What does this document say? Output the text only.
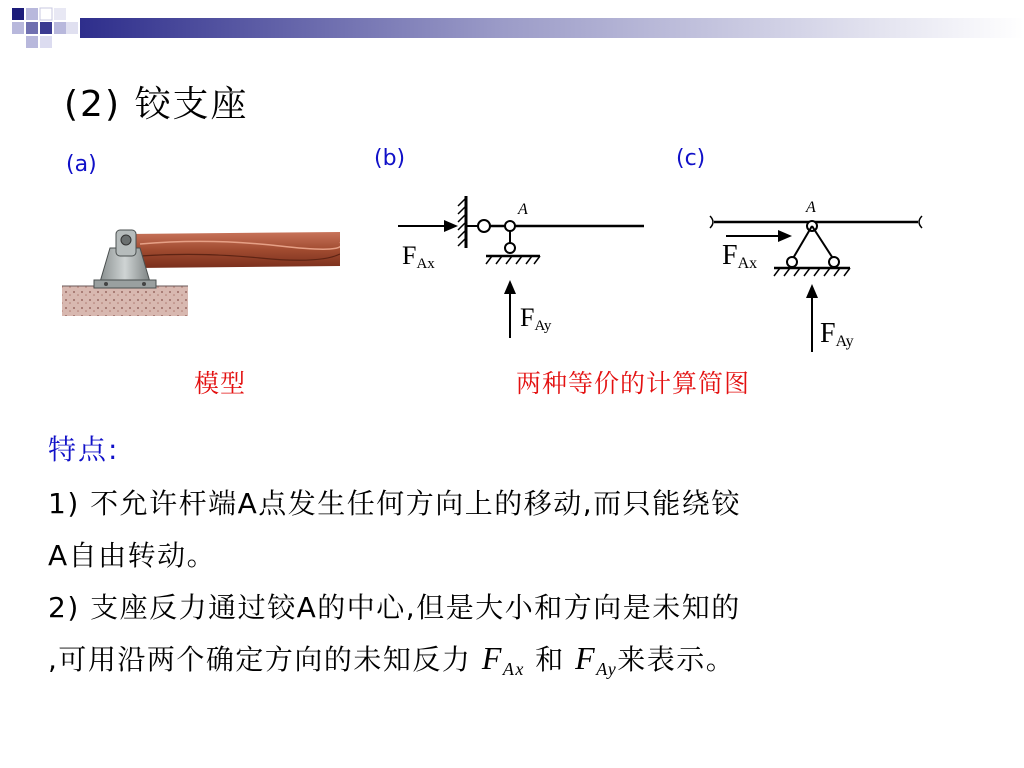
(2) 铰支座
(a)	(b)	(c)
A
FAx
FAy
A
FAx
FAy
模型	两种等价的计算简图
特点:
1) 不允许杆端A点发生任何方向上的移动,而只能绕铰
A自由转动。
2) 支座反力通过铰A的中心,但是大小和方向是未知的
,可用沿两个确定方向的未知反力 $F_{Ax}$ 和 $F_{Ay}$来表示。
